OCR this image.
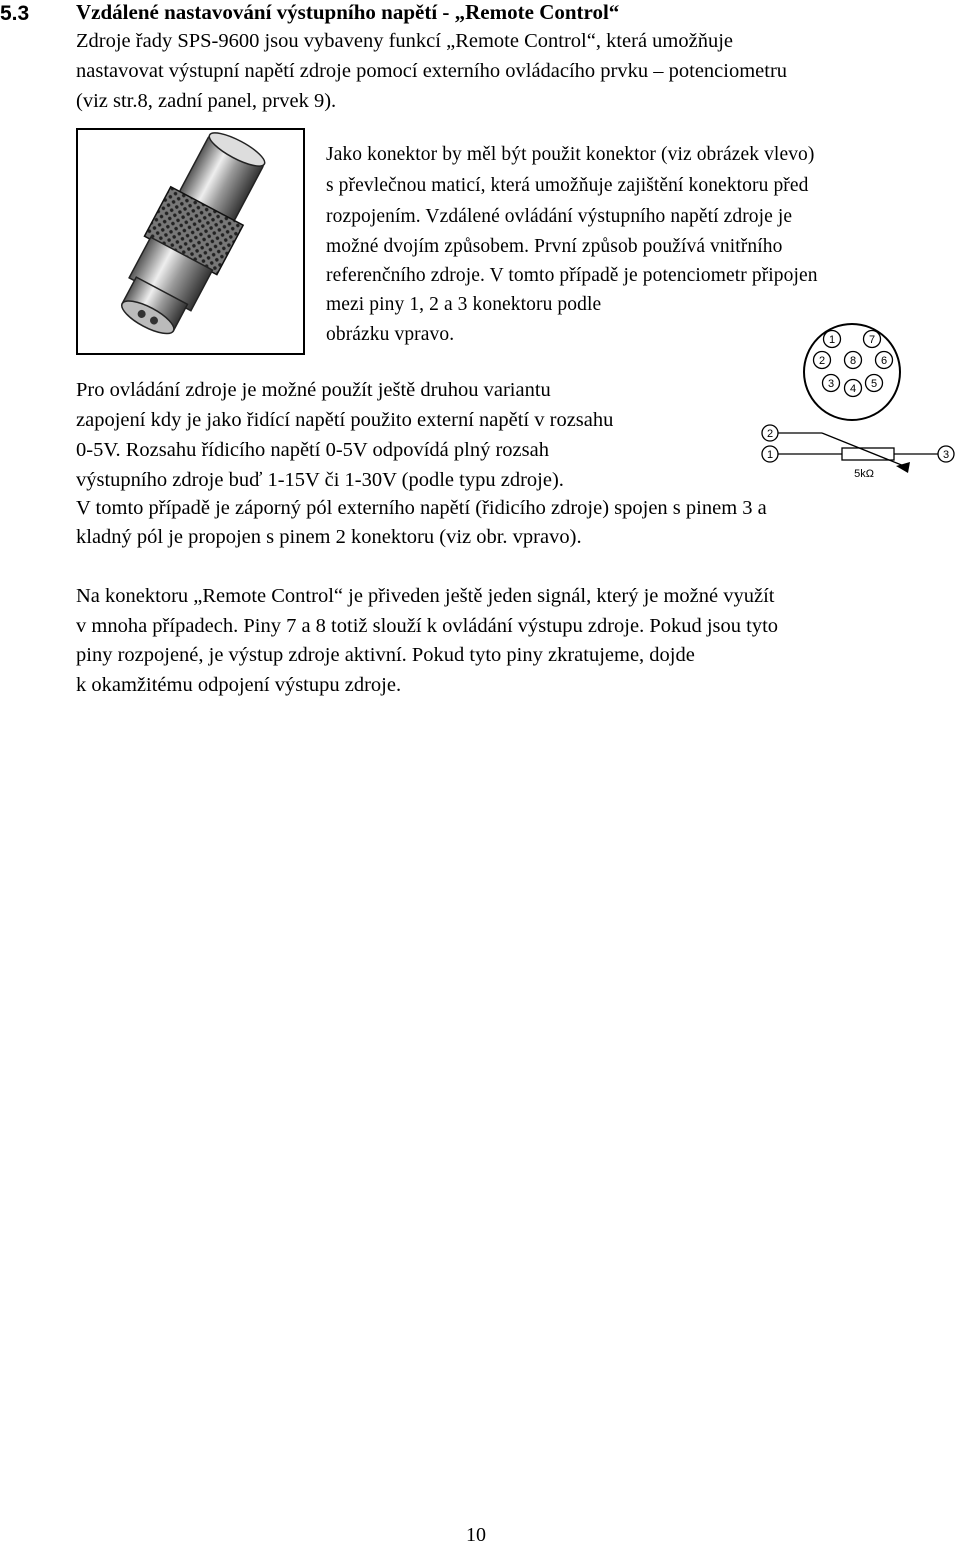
5.3 Vzdálené nastavování výstupního napětí - „Remote Control“
Zdroje řady SPS-9600 jsou vybaveny funkcí „Remote Control“, která umožňuje
nastavovat výstupní napětí zdroje pomocí externího ovládacího prvku – potenciometru
(viz str.8, zadní panel, prvek 9).
Jako konektor by měl být použit konektor (viz obrázek vlevo)
s převlečnou maticí, která umožňuje zajištění konektoru před
rozpojením. Vzdálené ovládání výstupního napětí zdroje je
možné dvojím způsobem. První způsob používá vnitřního
referenčního zdroje. V tomto případě je potenciometr připojen
mezi piny 1, 2 a 3 konektoru podle
obrázku vpravo.	1	7
2 8 6
3 4 5
2
1	3
5kΩ
Pro ovládání zdroje je možné použít ještě druhou variantu
zapojení kdy je jako řidící napětí použito externí napětí v rozsahu
0-5V. Rozsahu řídicího napětí 0-5V odpovídá plný rozsah
výstupního zdroje buď 1-15V či 1-30V (podle typu zdroje).
V tomto případě je záporný pól externího napětí (řidicího zdroje) spojen s pinem 3 a
kladný pól je propojen s pinem 2 konektoru (viz obr. vpravo).
Na konektoru „Remote Control“ je přiveden ještě jeden signál, který je možné využít
v mnoha případech. Piny 7 a 8 totiž slouží k ovládání výstupu zdroje. Pokud jsou tyto
piny rozpojené, je výstup zdroje aktivní. Pokud tyto piny zkratujeme, dojde
k okamžitému odpojení výstupu zdroje.
10
